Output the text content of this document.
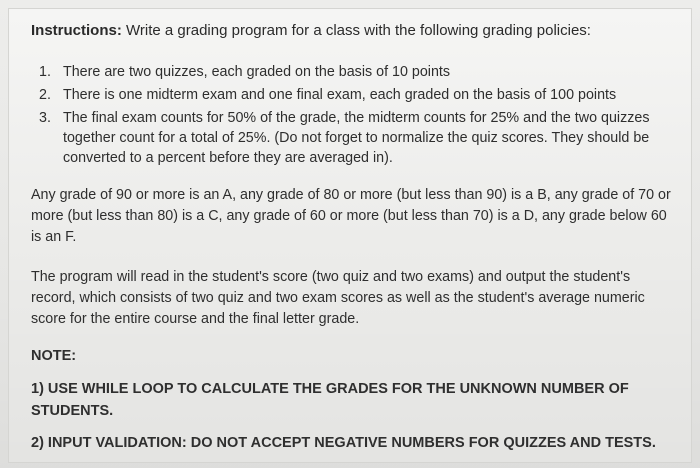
Instructions: Write a grading program for a class with the following grading policies:
1. There are two quizzes, each graded on the basis of 10 points
2. There is one midterm exam and one final exam, each graded on the basis of 100 points
3. The final exam counts for 50% of the grade, the midterm counts for 25% and the two quizzes together count for a total of 25%. (Do not forget to normalize the quiz scores. They should be converted to a percent before they are averaged in).
Any grade of 90 or more is an A, any grade of 80 or more (but less than 90) is a B, any grade of 70 or more (but less than 80) is a C, any grade of 60 or more (but less than 70) is a D, any grade below 60 is an F.
The program will read in the student's score (two quiz and two exams) and output the student's record, which consists of two quiz and two exam scores as well as the student's average numeric score for the entire course and the final letter grade.
NOTE:
1) USE WHILE LOOP TO CALCULATE THE GRADES FOR THE UNKNOWN NUMBER OF STUDENTS.
2) INPUT VALIDATION: DO NOT ACCEPT NEGATIVE NUMBERS FOR QUIZZES AND TESTS.
